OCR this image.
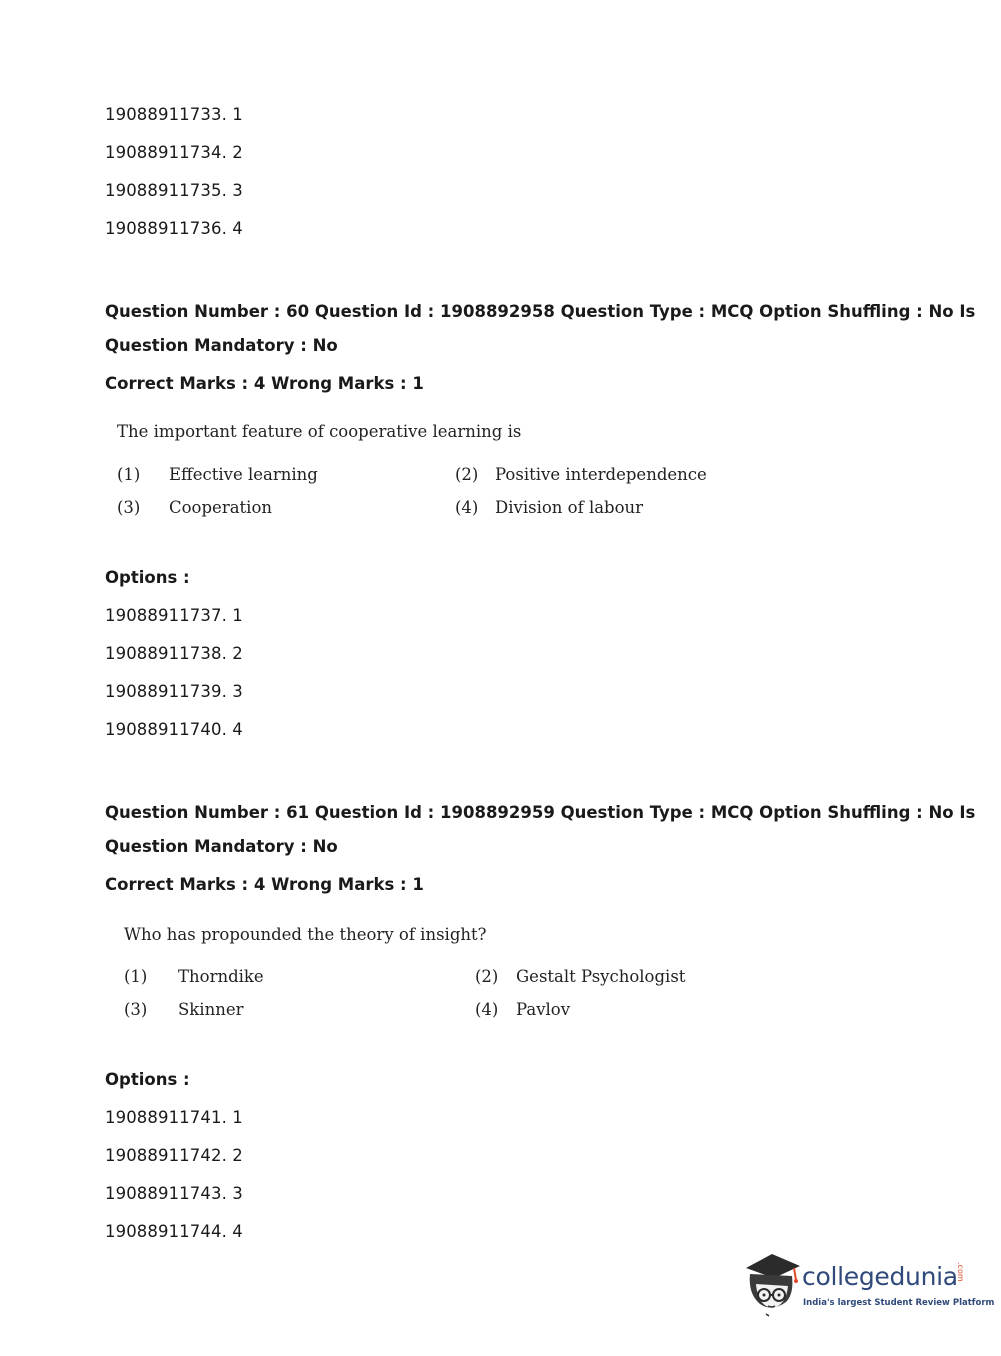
19088911733. 1
19088911734. 2
19088911735. 3
19088911736. 4
Question Number : 60 Question Id : 1908892958 Question Type : MCQ Option Shuffling : No Is
Question Mandatory : No
Correct Marks : 4 Wrong Marks : 1
The important feature of cooperative learning is
(1) Effective learning	(2) Positive interdependence
(3) Cooperation	(4) Division of labour
Options :
19088911737. 1
19088911738. 2
19088911739. 3
19088911740. 4
Question Number : 61 Question Id : 1908892959 Question Type : MCQ Option Shuffling : No Is
Question Mandatory : No
Correct Marks : 4 Wrong Marks : 1
Who has propounded the theory of insight?
(1) Thorndike	(2) Gestalt Psychologist
(3) Skinner	(4) Pavlov
Options :
19088911741. 1
19088911742. 2
19088911743. 3
19088911744. 4
collegedunia
.com
India's largest Student Review Platform
